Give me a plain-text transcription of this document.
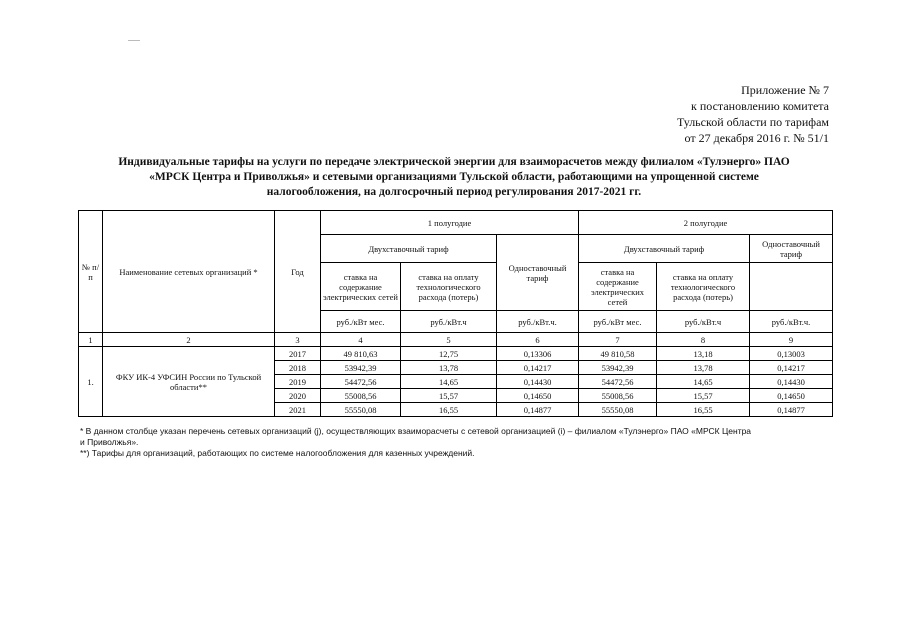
Приложение № 7
к постановлению комитета
Тульской области по тарифам
от 27 декабря 2016 г. № 51/1
Индивидуальные тарифы на услуги по передаче электрической энергии для взаиморасчетов между филиалом «Тулэнерго» ПАО
«МРСК Центра и Приволжья» и сетевыми организациями Тульской области, работающими на упрощенной системе
налогообложения, на долгосрочный период регулирования 2017-2021 гг.
№ п/п	Наименование сетевых организаций *	Год	1 полугодие			2 полугодие		
			Двухставочный тариф		Одноставочный тариф	Двухставочный тариф		Одноставочный тариф
			ставка на содержание электрических сетей	ставка на оплату технологического расхода (потерь)		ставка на содержание электрических сетей	ставка на оплату технологического расхода (потерь)	
			руб./кВт мес.	руб./кВт.ч	руб./кВт.ч.	руб./кВт мес.	руб./кВт.ч	руб./кВт.ч.
1	2	3	4	5	6	7	8	9
1.	ФКУ ИК-4 УФСИН России по Тульской области**	2017	49 810,63	12,75	0,13306	49 810,58	13,18	0,13003
		2018	53942,39	13,78	0,14217	53942,39	13,78	0,14217
		2019	54472,56	14,65	0,14430	54472,56	14,65	0,14430
		2020	55008,56	15,57	0,14650	55008,56	15,57	0,14650
		2021	55550,08	16,55	0,14877	55550,08	16,55	0,14877
* В данном столбце указан перечень сетевых организаций (j), осуществляющих взаиморасчеты с сетевой организацией (i) – филиалом «Тулэнерго» ПАО «МРСК Центра
и Приволжья».
**) Тарифы для организаций, работающих по системе налогообложения для казенных учреждений.
